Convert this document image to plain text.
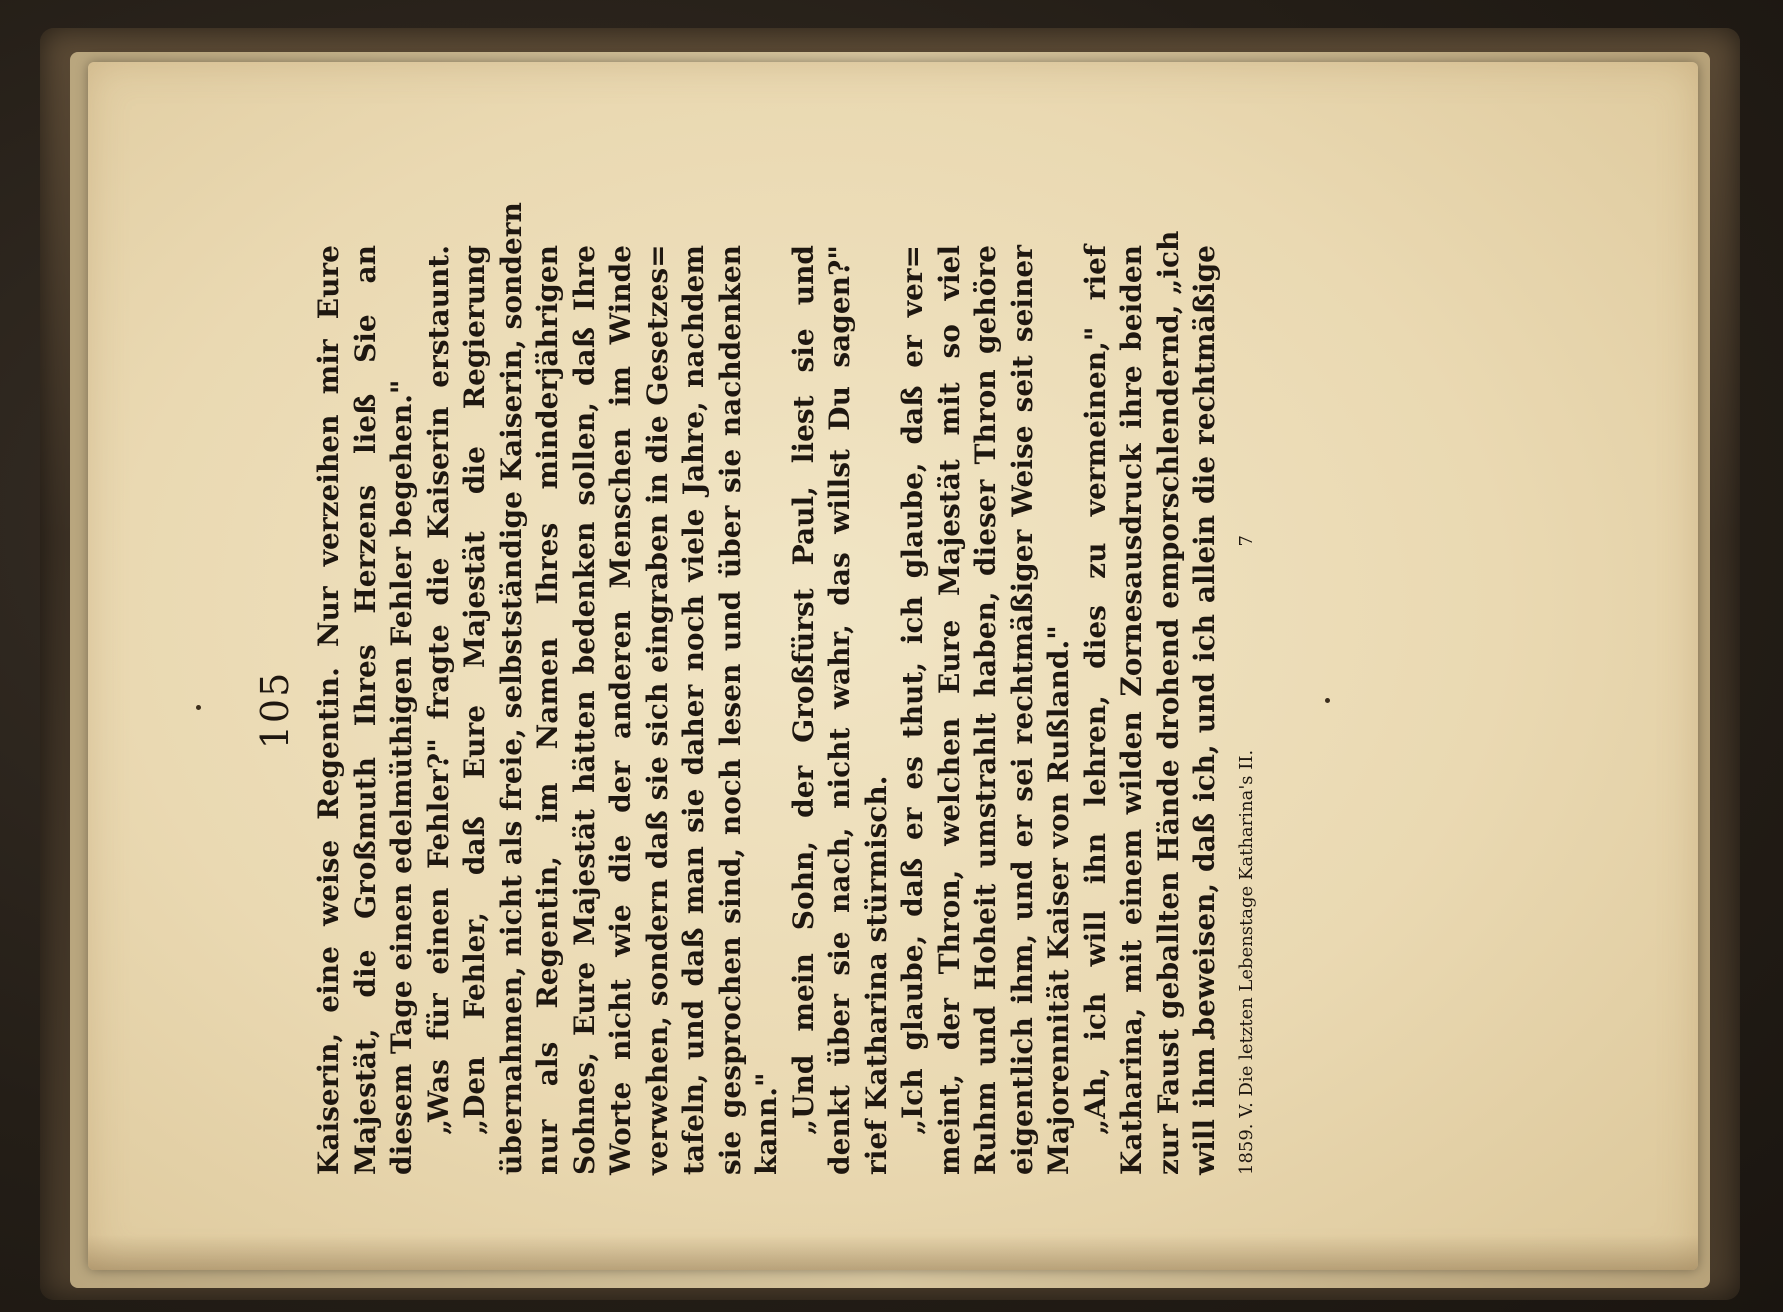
105 Kaiserin, eine weise Regentin. Nur verzeihen mir Eure Majestät, die Großmuth Ihres Herzens ließ Sie an diesem Tage einen edelmüthigen Fehler begehen." „Was für einen Fehler?" fragte die Kaiserin erstaunt. „Den Fehler, daß Eure Majestät die Regierung übernahmen, nicht als freie, selbstständige Kaiserin, sondern nur als Regentin, im Namen Ihres minderjährigen Sohnes, Eure Majestät hätten bedenken sollen, daß Ihre Worte nicht wie die der anderen Menschen im Winde verwehen, sondern daß sie sich eingraben in die Gesetzes= tafeln, und daß man sie daher noch viele Jahre, nachdem sie gesprochen sind, noch lesen und über sie nachdenken kann." „Und mein Sohn, der Großfürst Paul, liest sie und denkt über sie nach, nicht wahr, das willst Du sagen?" rief Katharina stürmisch. „Ich glaube, daß er es thut, ich glaube, daß er ver= meint, der Thron, welchen Eure Majestät mit so viel Ruhm und Hoheit umstrahlt haben, dieser Thron gehöre eigentlich ihm, und er sei rechtmäßiger Weise seit seiner Majorennität Kaiser von Rußland." „Ah, ich will ihn lehren, dies zu vermeinen," rief Katharina, mit einem wilden Zornesausdruck ihre beiden zur Faust geballten Hände drohend emporschlendernd, „ich will ihm beweisen, daß ich, und ich allein die rechtmäßige 1859. V. Die letzten Lebenstage Katharina's II.
7
